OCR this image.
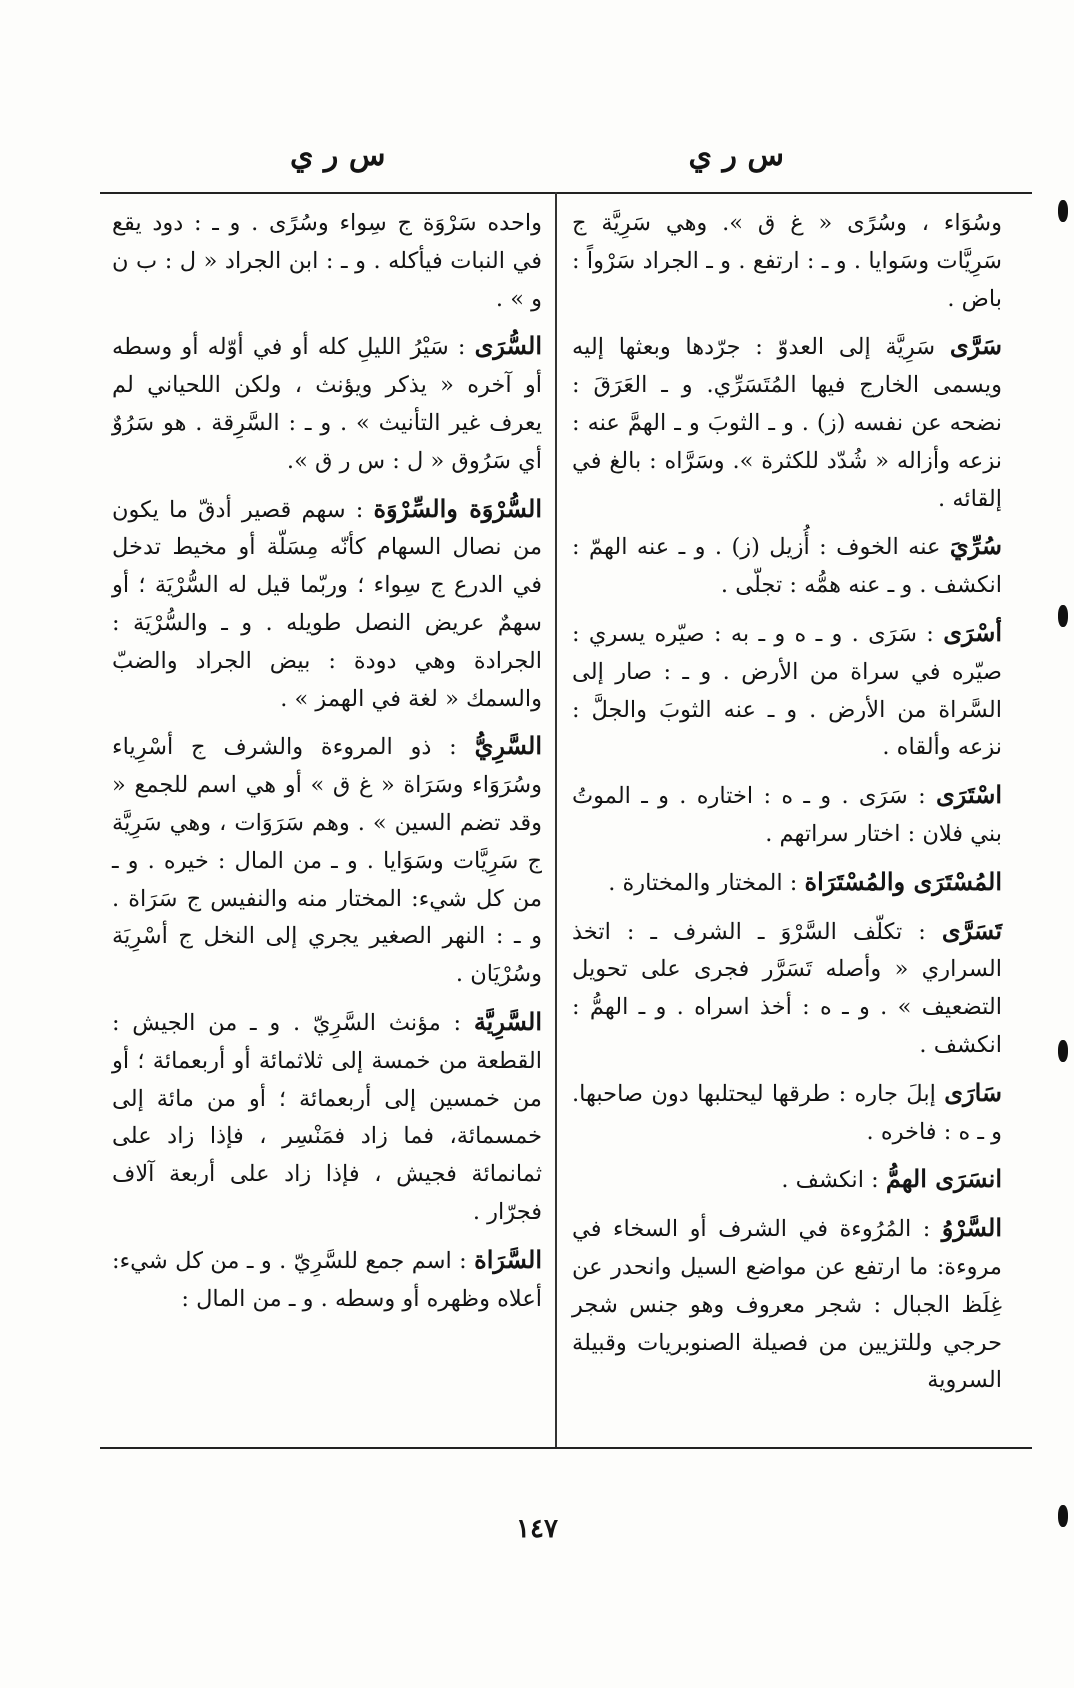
س ر ي
س ر ي

وسُوَاء ، وسُرًى « غ ق ». وهي سَرِيَّة ج سَرِيَّات وسَوايا . و ـ : ارتفع . و ـ الجراد سَرْواً : باض .

سَرَّى سَرِيَّة إلى العدوّ : جرّدها وبعثها إليه ويسمى الخارج فيها المُتَسَرِّي. و ـ العَرَقَ : نضحه عن نفسه (ز) . و ـ الثوبَ و ـ الهمَّ عنه : نزعه وأزاله « شُدّد للكثرة ». وسَرَّاه : بالغ في إلقائه .

سُرِّيَ عنه الخوف : أُزيل (ز) . و ـ عنه الهمّ : انكشف . و ـ عنه همُّه : تجلّى .

أسْرَى : سَرَى . و ـ ه و ـ به : صيّره يسري : صيّره في سراة من الأرض . و ـ : صار إلى السَّراة من الأرض . و ـ عنه الثوبَ والجلَّ : نزعه وألقاه .

اسْتَرَى : سَرَى . و ـ ه : اختاره . و ـ الموتُ بني فلان : اختار سراتهم .

المُسْتَرَى والمُسْتَرَاة : المختار والمختارة .

تَسَرَّى : تكلّف السَّرْوَ ـ الشرف ـ : اتخذ السراري « وأصله تَسَرَّر فجرى على تحويل التضعيف » . و ـ ه : أخذ اسراه . و ـ الهمُّ : انكشف .

سَارَى إبلَ جاره : طرقها ليحتلبها دون صاحبها. و ـ ه : فاخره .

انسَرَى الهمُّ : انكشف .

السَّرْوُ : المُرُوءة في الشرف أو السخاء في مروءة: ما ارتفع عن مواضع السيل وانحدر عن غِلَظ الجبال : شجر معروف وهو جنس شجر حرجي وللتزيين من فصيلة الصنوبريات وقبيلة السروية

واحده سَرْوَة ج سِواء وسُرًى . و ـ : دود يقع في النبات فيأكله . و ـ : ابن الجراد « ل : ب ن و » .

السُّرَى : سَيْرُ الليلِ كله أو في أوّله أو وسطه أو آخره « يذكر ويؤنث ، ولكن اللحياني لم يعرف غير التأنيث » . و ـ : السَّرِقة . هو سَرُوٌ أي سَرُوق « ل : س ر ق ».

السُّرْوَة والسِّرْوَة : سهم قصير أدقّ ما يكون من نصال السهام كأنّه مِسَلّة أو مخيط تدخل في الدرع ج سِواء ؛ وربّما قيل له السُّرْيَة ؛ أو سهمٌ عريض النصل طويله . و ـ والسُّرْيَة : الجرادة وهي دودة : بيض الجراد والضبّ والسمك « لغة في الهمز » .

السَّرِيُّ : ذو المروءة والشرف ج أسْرِياء وسُرَوَاء وسَرَاة « غ ق » أو هي اسم للجمع « وقد تضم السين » . وهم سَرَوَات ، وهي سَرِيَّة ج سَرِيَّات وسَوَايا . و ـ من المال : خيره . و ـ من كل شيء: المختار منه والنفيس ج سَرَاة . و ـ : النهر الصغير يجري إلى النخل ج أسْرِيَة وسُرْيَان .

السَّرِيَّة : مؤنث السَّرِيّ . و ـ من الجيش : القطعة من خمسة إلى ثلاثمائة أو أربعمائة ؛ أو من خمسين إلى أربعمائة ؛ أو من مائة إلى خمسمائة، فما زاد فمَنْسِر ، فإذا زاد على ثمانمائة فجيش ، فإذا زاد على أربعة آلاف فجرّار .

السَّرَاة : اسم جمع للسَّرِيّ . و ـ من كل شيء: أعلاه وظهره أو وسطه . و ـ من المال :

١٤٧
